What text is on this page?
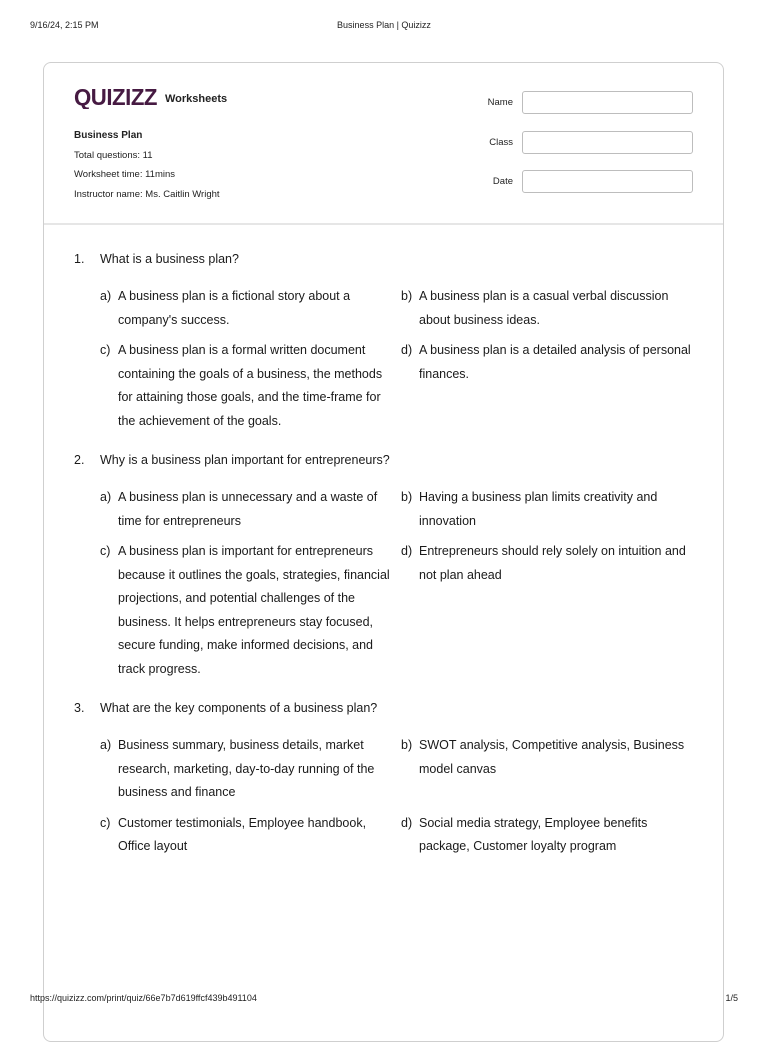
9/16/24, 2:15 PM	Business Plan | Quizizz
QUIZIZZ Worksheets
Business Plan
Total questions: 11
Worksheet time: 11mins
Instructor name: Ms. Caitlin Wright
Name
Class
Date
1.	What is a business plan?
a) A business plan is a fictional story about a company's success.
b) A business plan is a casual verbal discussion about business ideas.
c) A business plan is a formal written document containing the goals of a business, the methods for attaining those goals, and the time-frame for the achievement of the goals.
d) A business plan is a detailed analysis of personal finances.
2.	Why is a business plan important for entrepreneurs?
a) A business plan is unnecessary and a waste of time for entrepreneurs
b) Having a business plan limits creativity and innovation
c) A business plan is important for entrepreneurs because it outlines the goals, strategies, financial projections, and potential challenges of the business. It helps entrepreneurs stay focused, secure funding, make informed decisions, and track progress.
d) Entrepreneurs should rely solely on intuition and not plan ahead
3.	What are the key components of a business plan?
a) Business summary, business details, market research, marketing, day-to-day running of the business and finance
b) SWOT analysis, Competitive analysis, Business model canvas
c) Customer testimonials, Employee handbook, Office layout
d) Social media strategy, Employee benefits package, Customer loyalty program
https://quizizz.com/print/quiz/66e7b7d619ffcf439b491104	1/5
